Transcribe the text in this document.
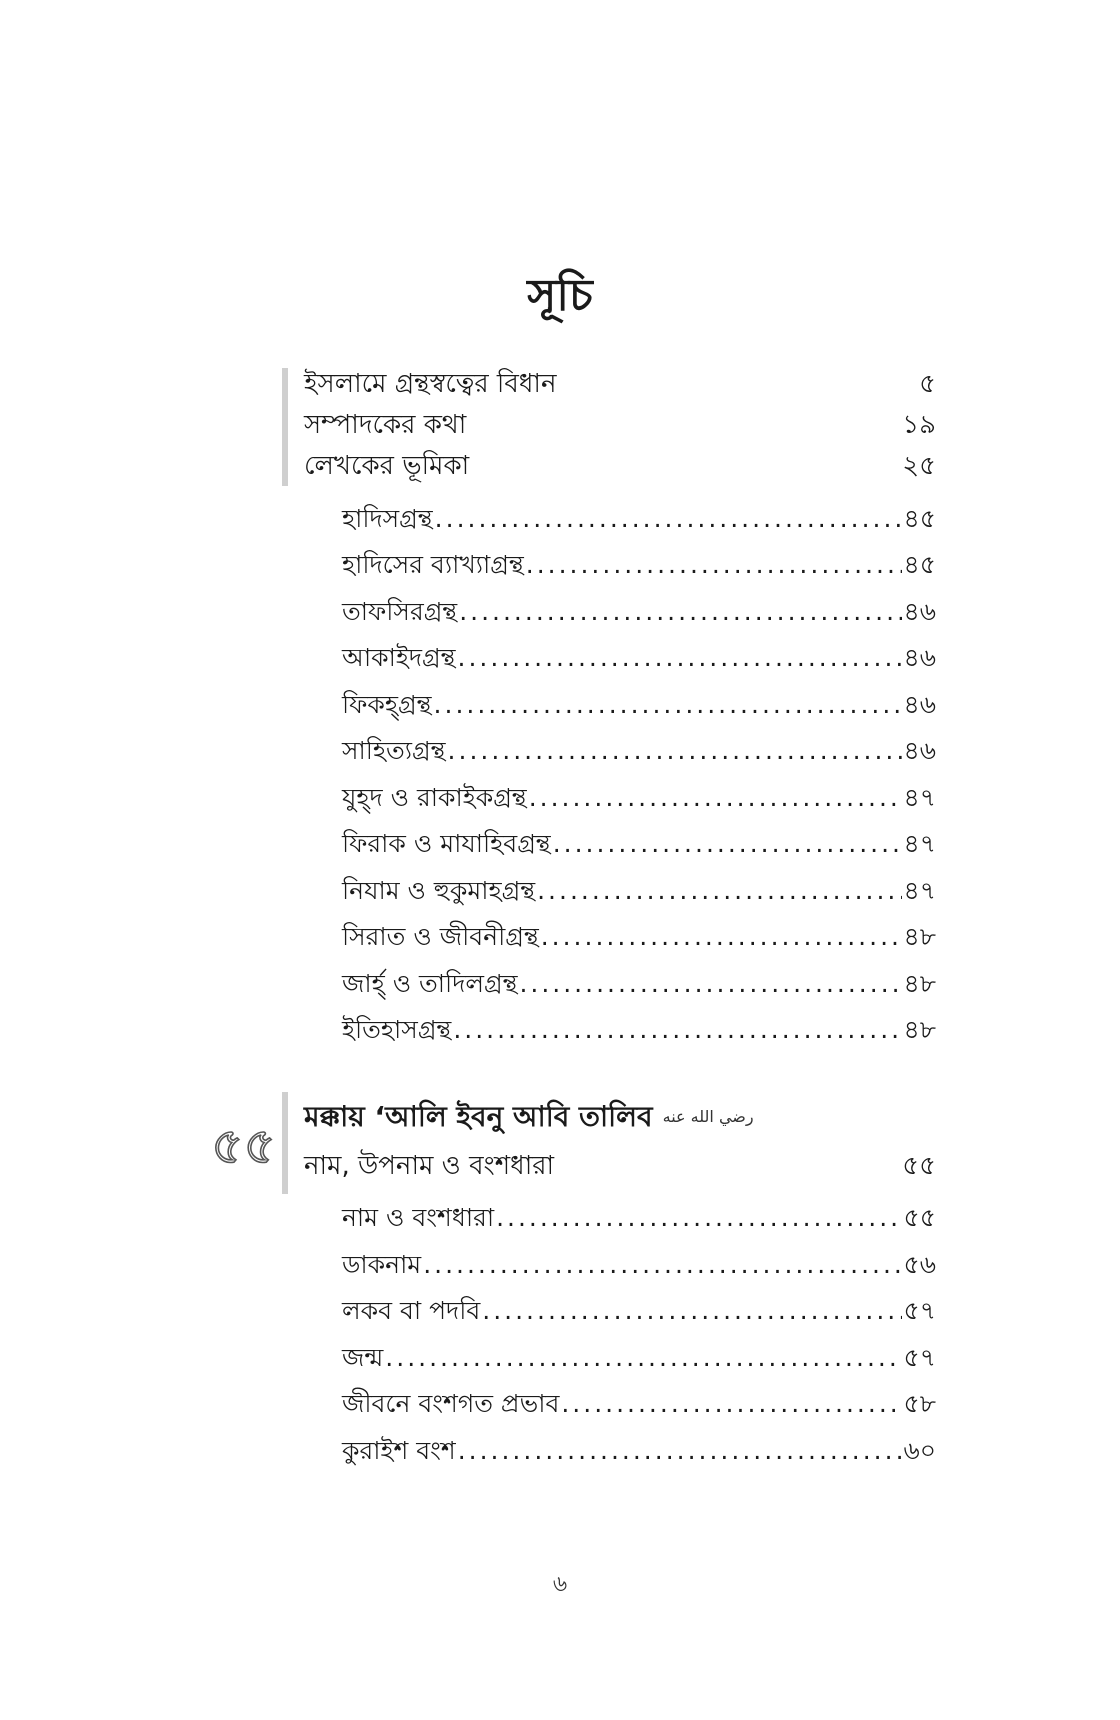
সূচি
ইসলামে গ্রন্থস্বত্বের বিধান	৫
সম্পাদকের কথা	১৯
লেখকের ভূমিকা	২৫
হাদিসগ্রন্থ .....	৪৫
হাদিসের ব্যাখ্যাগ্রন্থ .....	৪৫
তাফসিরগ্রন্থ .....	৪৬
আকাইদগ্রন্থ .....	৪৬
ফিকহ্গ্রন্থ .....	৪৬
সাহিত্যগ্রন্থ .....	৪৬
যুহ্দ ও রাকাইকগ্রন্থ .....	৪৭
ফিরাক ও মাযাহিবগ্রন্থ .....	৪৭
নিযাম ও হুকুমাহগ্রন্থ .....	৪৭
সিরাত ও জীবনীগ্রন্থ .....	৪৮
জার্হ্ ও তাদিলগ্রন্থ .....	৪৮
ইতিহাসগ্রন্থ .....	৪৮
৫৫
মক্কায় ‘আলি ইবনু আবি তালিব رضي الله عنه
নাম, উপনাম ও বংশধারা	৫৫
নাম ও বংশধারা .....	৫৫
ডাকনাম .....	৫৬
লকব বা পদবি .....	৫৭
জন্ম .....	৫৭
জীবনে বংশগত প্রভাব .....	৫৮
কুরাইশ বংশ .....	৬০
৬
